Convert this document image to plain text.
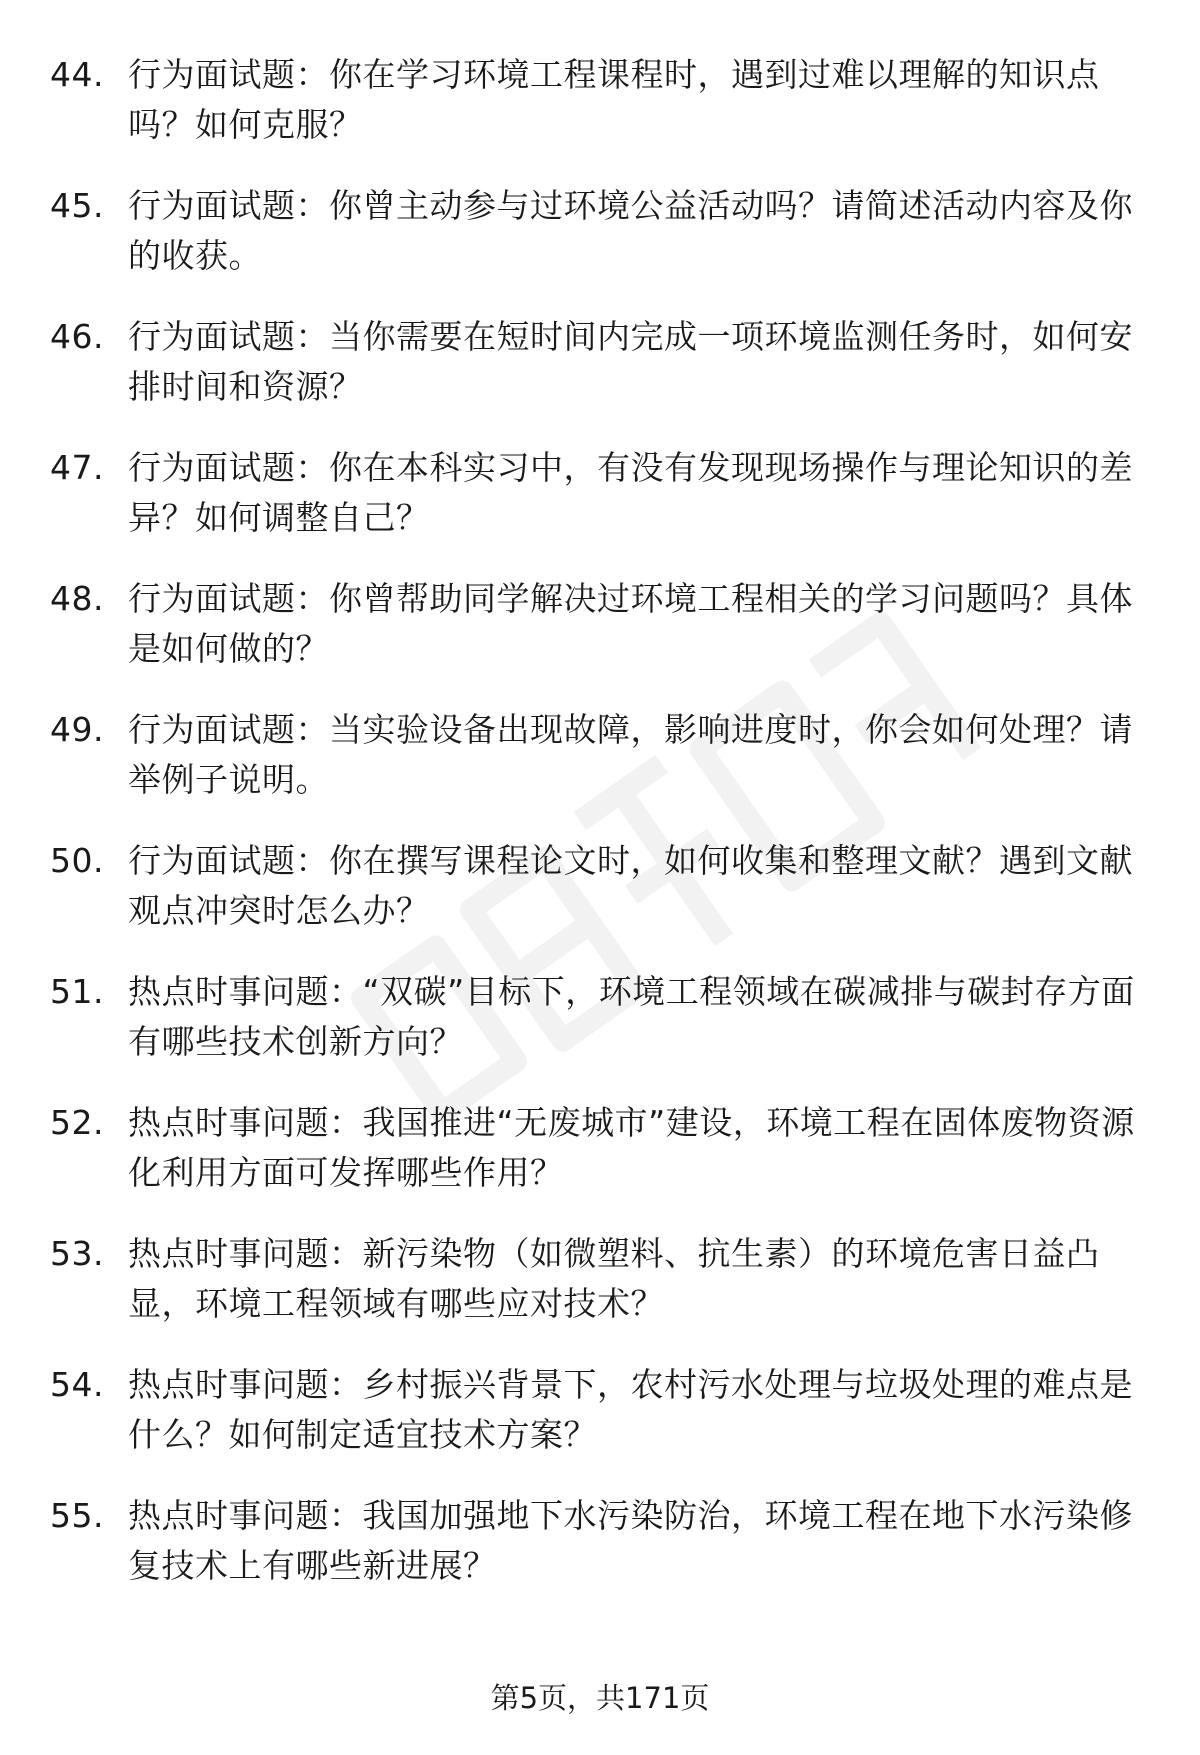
44. 行为面试题：你在学习环境工程课程时，遇到过难以理解的知识点吗？如何克服？
45. 行为面试题：你曾主动参与过环境公益活动吗？请简述活动内容及你的收获。
46. 行为面试题：当你需要在短时间内完成一项环境监测任务时，如何安排时间和资源？
47. 行为面试题：你在本科实习中，有没有发现现场操作与理论知识的差异？如何调整自己？
48. 行为面试题：你曾帮助同学解决过环境工程相关的学习问题吗？具体是如何做的？
49. 行为面试题：当实验设备出现故障，影响进度时，你会如何处理？请举例子说明。
50. 行为面试题：你在撰写课程论文时，如何收集和整理文献？遇到文献观点冲突时怎么办？
51. 热点时事问题：“双碳”目标下，环境工程领域在碳减排与碳封存方面有哪些技术创新方向？
52. 热点时事问题：我国推进“无废城市”建设，环境工程在固体废物资源化利用方面可发挥哪些作用？
53. 热点时事问题：新污染物（如微塑料、抗生素）的环境危害日益凸显，环境工程领域有哪些应对技术？
54. 热点时事问题：乡村振兴背景下，农村污水处理与垃圾处理的难点是什么？如何制定适宜技术方案？
55. 热点时事问题：我国加强地下水污染防治，环境工程在地下水污染修复技术上有哪些新进展？
第5页，共171页
